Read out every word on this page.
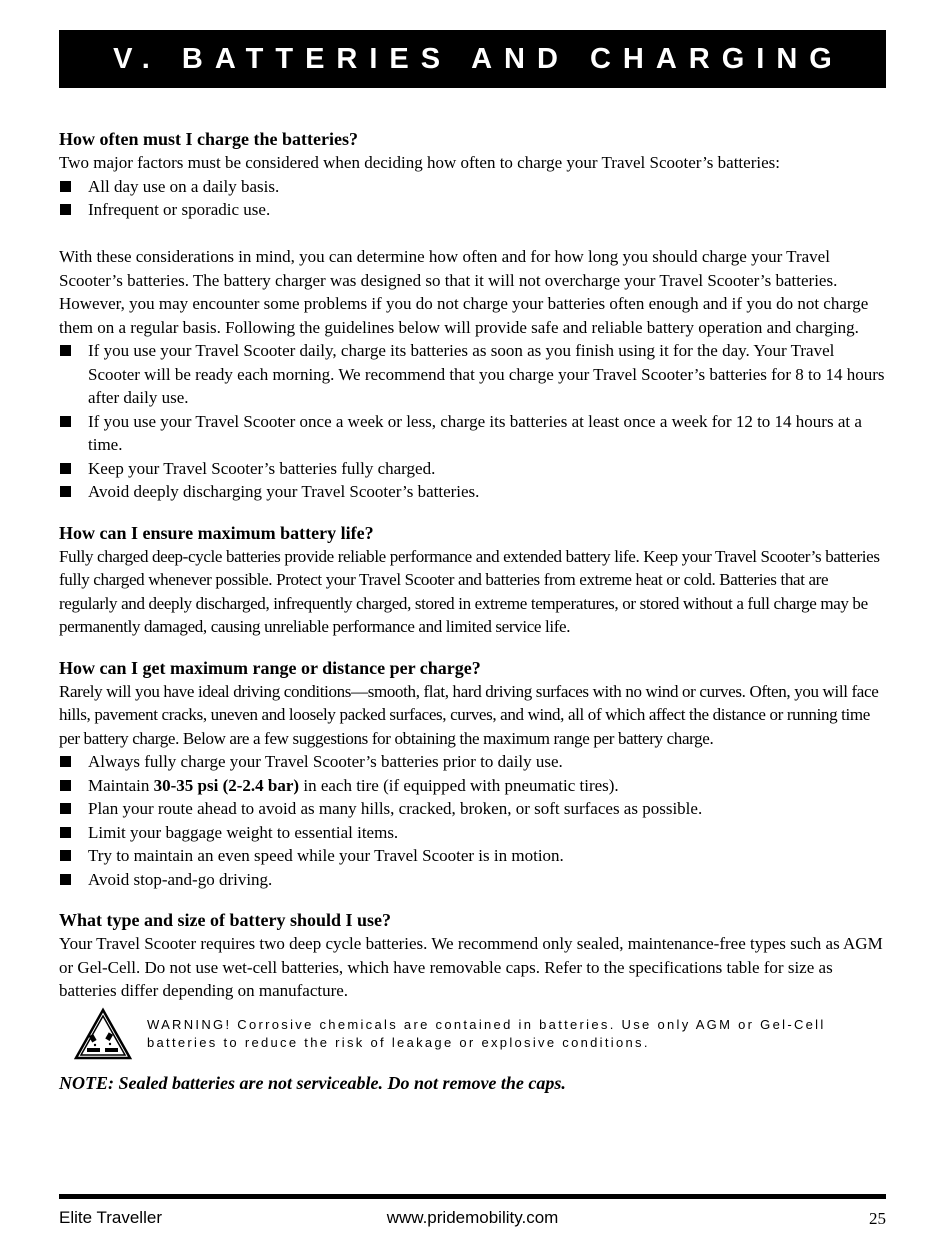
V. BATTERIES AND CHARGING
How often must I charge the batteries?

Two major factors must be considered when deciding how often to charge your Travel Scooter’s batteries:

All day use on a daily basis.
Infrequent or sporadic use.

With these considerations in mind, you can determine how often and for how long you should charge your Travel Scooter’s batteries. The battery charger was designed so that it will not overcharge your Travel Scooter’s batteries. However, you may encounter some problems if you do not charge your batteries often enough and if you do not charge them on a regular basis. Following the guidelines below will provide safe and reliable battery operation and charging.

If you use your Travel Scooter daily, charge its batteries as soon as you finish using it for the day. Your Travel Scooter will be ready each morning. We recommend that you charge your Travel Scooter’s batteries for 8 to 14 hours after daily use.
If you use your Travel Scooter once a week or less, charge its batteries at least once a week for 12 to 14 hours at a time.
Keep your Travel Scooter’s batteries fully charged.
Avoid deeply discharging your Travel Scooter’s batteries.
How can I ensure maximum battery life?

Fully charged deep-cycle batteries provide reliable performance and extended battery life. Keep your Travel Scooter’s batteries fully charged whenever possible. Protect your Travel Scooter and batteries from extreme heat or cold. Batteries that are regularly and deeply discharged, infrequently charged, stored in extreme temperatures, or stored without a full charge may be permanently damaged, causing unreliable performance and limited service life.

How can I get maximum range or distance per charge?

Rarely will you have ideal driving conditions—smooth, flat, hard driving surfaces with no wind or curves. Often, you will face hills, pavement cracks, uneven and loosely packed surfaces, curves, and wind, all of which affect the distance or running time per battery charge. Below are a few suggestions for obtaining the maximum range per battery charge.

Always fully charge your Travel Scooter’s batteries prior to daily use.
Maintain 30-35 psi (2-2.4 bar) in each tire (if equipped with pneumatic tires).
Plan your route ahead to avoid as many hills, cracked, broken, or soft surfaces as possible.
Limit your baggage weight to essential items.
Try to maintain an even speed while your Travel Scooter is in motion.
Avoid stop-and-go driving.
What type and size of battery should I use?

Your Travel Scooter requires two deep cycle batteries. We recommend only sealed, maintenance-free types such as AGM or Gel-Cell. Do not use wet-cell batteries, which have removable caps. Refer to the specifications table for size as batteries differ depending on manufacture.

WARNING! Corrosive chemicals are contained in batteries. Use only AGM or Gel-Cell batteries to reduce the risk of leakage or explosive conditions.
NOTE: Sealed batteries are not serviceable. Do not remove the caps.
Elite Traveller	www.pridemobility.com	25
